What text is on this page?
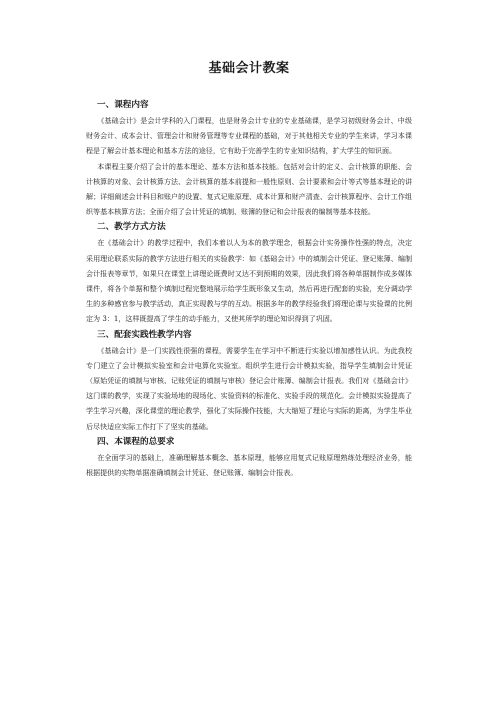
基础会计教案
一、课程内容

《基础会计》是会计学科的入门课程，也是财务会计专业的专业基础课，是学习初级财务会计、中级财务会计、成本会计、管理会计和财务管理等专业课程的基础，对于其他相关专业的学生来讲，学习本课程是了解会计基本理论和基本方法的途径，它有助于完善学生的专业知识结构，扩大学生的知识面。

本课程主要介绍了会计的基本理论、基本方法和基本技能。包括对会计的定义、会计核算的职能、会计核算的对象、会计核算方法、会计核算的基本前提和一般性原则、会计要素和会计等式等基本理论的讲解；详细阐述会计科目和账户的设置、复式记账原理、成本计算和财产清查、会计核算程序、会计工作组织等基本核算方法；全面介绍了会计凭证的填制、账簿的登记和会计报表的编制等基本技能。

二、教学方式方法

在《基础会计》的教学过程中，我们本着以人为本的教学理念，根据会计实务操作性强的特点，决定采用理论联系实际的教学方法进行相关的实验教学：如《基础会计》中的填制会计凭证、登记账簿、编制会计报表等章节，如果只在课堂上讲理论既费时又达不到预期的效果，因此我们将各种单据制作成多媒体课件，将各个单据和整个填制过程完整地展示给学生既形象又生动，然后再进行配套的实验，充分调动学生的多种感官参与教学活动，真正实现教与学的互动。根据多年的教学经验我们将理论课与实验课的比例定为 3：1，这样既提高了学生的动手能力，又使其所学的理论知识得到了巩固。

三、配套实践性教学内容

《基础会计》是一门实践性很强的课程，需要学生在学习中不断进行实验以增加感性认识。为此我校专门建立了会计模拟实验室和会计电算化实验室。组织学生进行会计模拟实验，指导学生填制会计凭证（原始凭证的填制与审核、记账凭证的填制与审核）登记会计账簿、编制会计报表。我们对《基础会计》这门课的教学，实现了实验场地的现场化、实验资料的标准化、实验手段的规范化。会计模拟实验提高了学生学习兴趣，深化课堂的理论教学，强化了实际操作技能，大大缩短了理论与实际的距离，为学生毕业后尽快适应实际工作打下了坚实的基础。

四、本课程的总要求

在全面学习的基础上，准确理解基本概念、基本原理，能够应用复式记账原理熟练处理经济业务，能根据提供的实物单据准确填制会计凭证、登记账簿、编制会计报表。
